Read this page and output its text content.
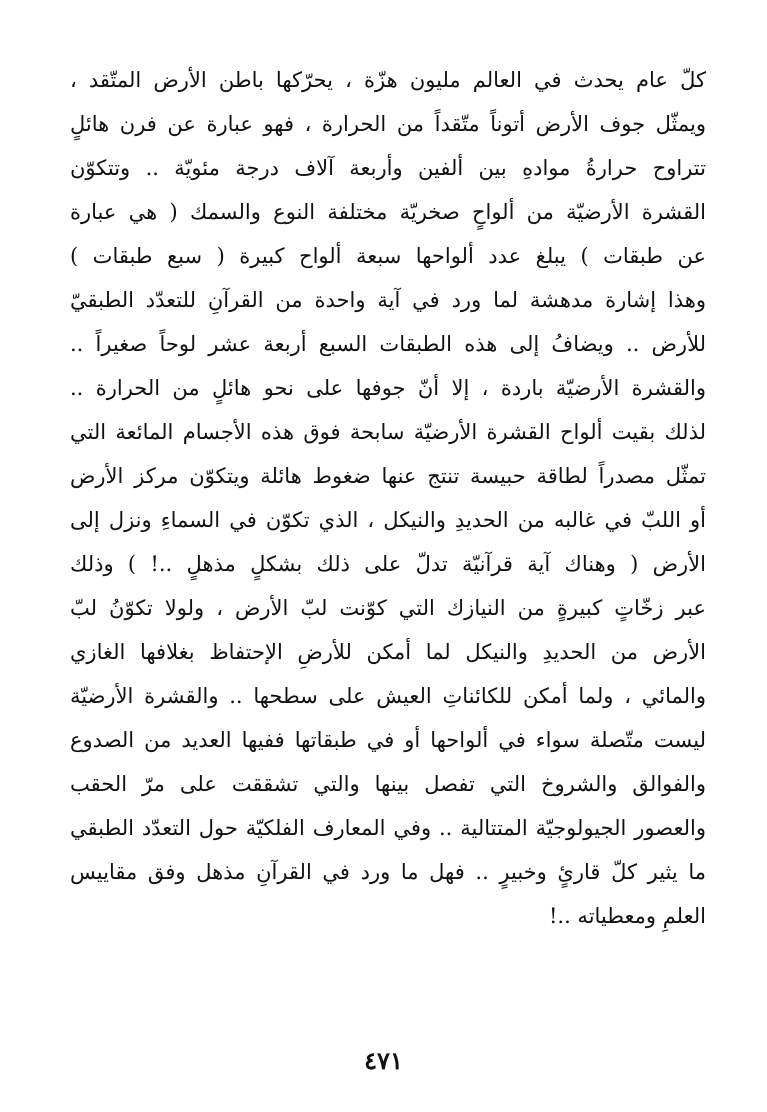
كلّ عام يحدث في العالم مليون هزّة ، يحرّكها باطن الأرض المتّقد ،
ويمثّل جوف الأرض أتوناً متّقداً من الحرارة ، فهو عبارة عن فرن هائلٍ
تتراوح حرارةُ موادهِ بين ألفين وأربعة آلاف درجة مئويّة .. وتتكوّن
القشرة الأرضيّة من ألواحٍ صخريّة مختلفة النوع والسمك ( هي عبارة
عن طبقات ) يبلغ عدد ألواحها سبعة ألواح كبيرة ( سبع طبقات )
وهذا إشارة مدهشة لما ورد في آية واحدة من القرآنِ للتعدّد الطبقيّ
للأرض .. ويضافُ إلى هذه الطبقات السبع أربعة عشر لوحاً صغيراً ..
والقشرة الأرضيّة باردة ، إلا أنّ جوفها على نحو هائلٍ من الحرارة ..
لذلك بقيت ألواح القشرة الأرضيّة سابحة فوق هذه الأجسام المائعة التي
تمثّل مصدراً لطاقة حبيسة تنتج عنها ضغوط هائلة ويتكوّن مركز الأرض
أو اللبّ في غالبه من الحديدِ والنيكل ، الذي تكوّن في السماءِ ونزل إلى
الأرض ( وهناك آية قرآنيّة تدلّ على ذلك بشكلٍ مذهلٍ ..! ) وذلك
عبر زخّاتٍ كبيرةٍ من النيازك التي كوّنت لبّ الأرض ، ولولا تكوّنُ لبّ
الأرض من الحديدِ والنيكل لما أمكن للأرضِ الإحتفاظ بغلافها الغازي
والمائي ، ولما أمكن للكائناتِ العيش على سطحها .. والقشرة الأرضيّة
ليست متّصلة سواء في ألواحها أو في طبقاتها ففيها العديد من الصدوع
والفوالق والشروخ التي تفصل بينها والتي تشققت على مرّ الحقب
والعصور الجيولوجيّة المتتالية .. وفي المعارف الفلكيّة حول التعدّد الطبقي
ما يثير كلّ قارئٍ وخبيرٍ .. فهل ما ورد في القرآنِ مذهل وفق مقاييس
العلمِ ومعطياته ..!
٤٧١
